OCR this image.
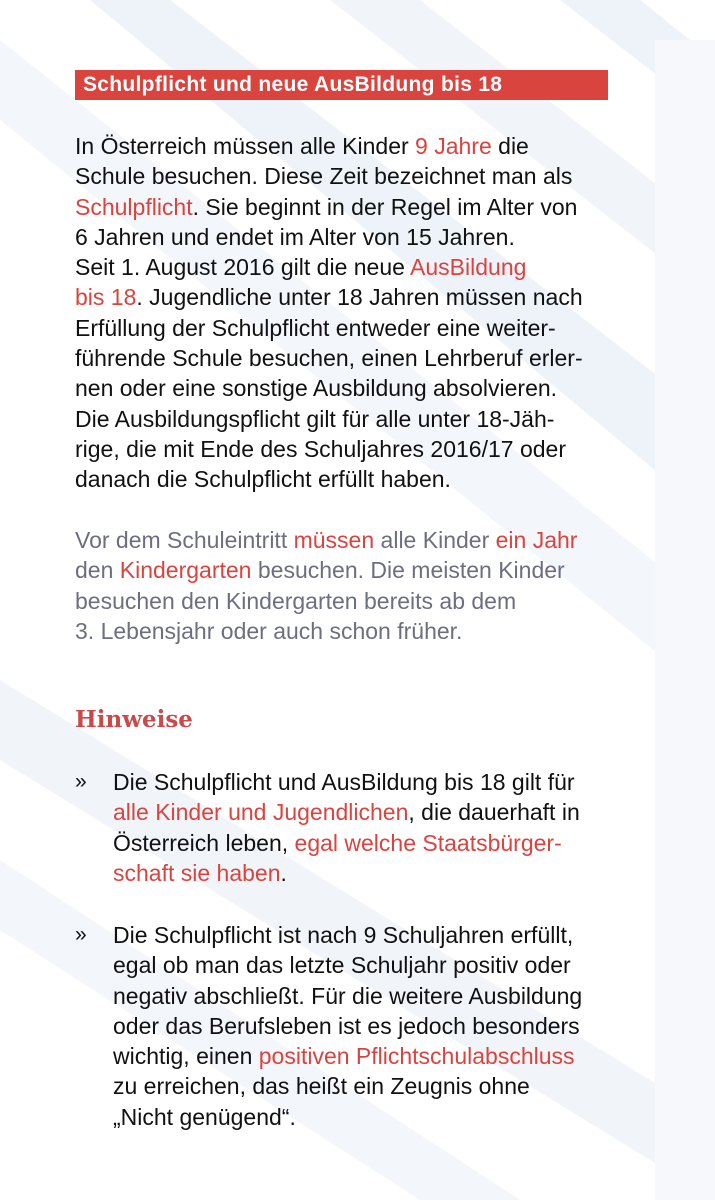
Schulpflicht und neue AusBildung bis 18

In Österreich müssen alle Kinder 9 Jahre die
Schule besuchen. Diese Zeit bezeichnet man als
Schulpflicht. Sie beginnt in der Regel im Alter von
6 Jahren und endet im Alter von 15 Jahren.
Seit 1. August 2016 gilt die neue AusBildung
bis 18. Jugendliche unter 18 Jahren müssen nach
Erfüllung der Schulpflicht entweder eine weiter-
führende Schule besuchen, einen Lehrberuf erler-
nen oder eine sonstige Ausbildung absolvieren.
Die Ausbildungspflicht gilt für alle unter 18-Jäh-
rige, die mit Ende des Schuljahres 2016/17 oder
danach die Schulpflicht erfüllt haben.

Vor dem Schuleintritt müssen alle Kinder ein Jahr
den Kindergarten besuchen. Die meisten Kinder
besuchen den Kindergarten bereits ab dem
3. Lebensjahr oder auch schon früher.

Hinweise
» Die Schulpflicht und AusBildung bis 18 gilt für
alle Kinder und Jugendlichen, die dauerhaft in
Österreich leben, egal welche Staatsbürger-
schaft sie haben.

» Die Schulpflicht ist nach 9 Schuljahren erfüllt,
egal ob man das letzte Schuljahr positiv oder
negativ abschließt. Für die weitere Ausbildung
oder das Berufsleben ist es jedoch besonders
wichtig, einen positiven Pflichtschulabschluss
zu erreichen, das heißt ein Zeugnis ohne
„Nicht genügend“.
